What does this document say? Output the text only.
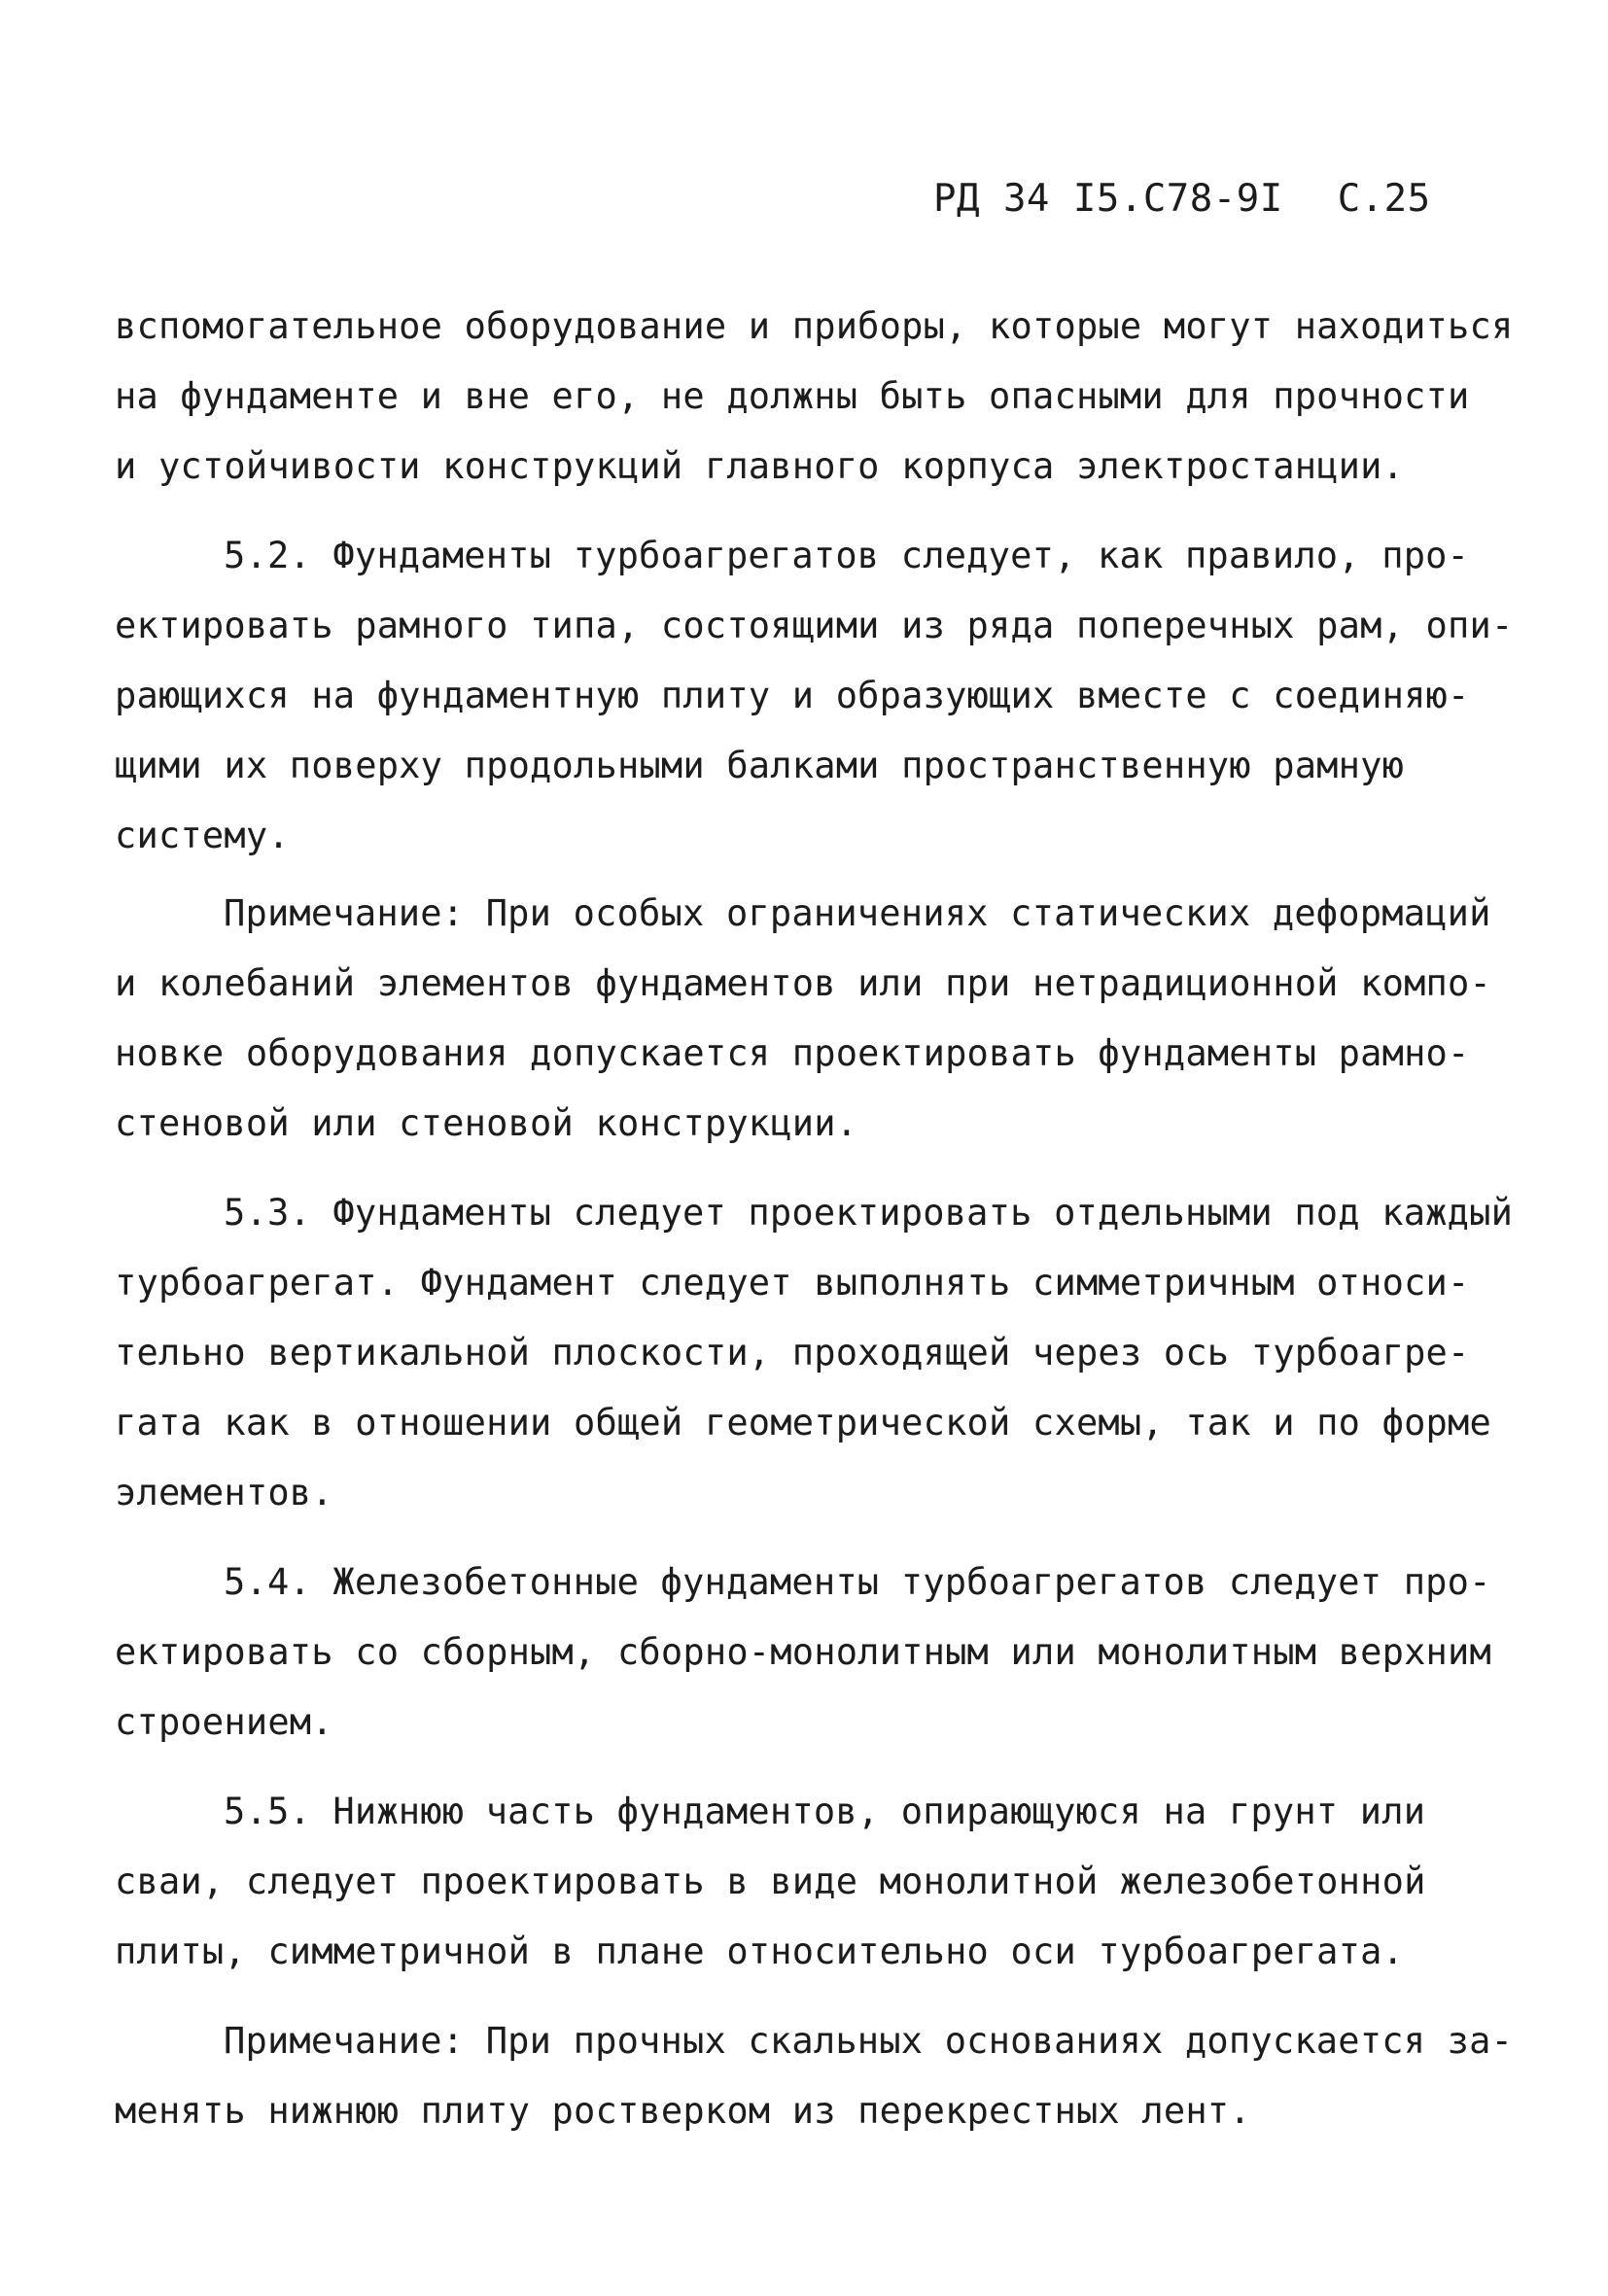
РД 34 I5.C78-9I С.25
вспомогательное оборудование и приборы, которые могут находиться
на фундаменте и вне его, не должны быть опасными для прочности
и устойчивости конструкций главного корпуса электростанции.
5.2. Фундаменты турбоагрегатов следует, как правило, про-
ектировать рамного типа, состоящими из ряда поперечных рам, опи-
рающихся на фундаментную плиту и образующих вместе с соединяю-
щими их поверху продольными балками пространственную рамную
систему.
Примечание: При особых ограничениях статических деформаций
и колебаний элементов фундаментов или при нетрадиционной компо-
новке оборудования допускается проектировать фундаменты рамно-
стеновой или стеновой конструкции.
5.3. Фундаменты следует проектировать отдельными под каждый
турбоагрегат. Фундамент следует выполнять симметричным относи-
тельно вертикальной плоскости, проходящей через ось турбоагре-
гата как в отношении общей геометрической схемы, так и по форме
элементов.
5.4. Железобетонные фундаменты турбоагрегатов следует про-
ектировать со сборным, сборно-монолитным или монолитным верхним
строением.
5.5. Нижнюю часть фундаментов, опирающуюся на грунт или
сваи, следует проектировать в виде монолитной железобетонной
плиты, симметричной в плане относительно оси турбоагрегата.
Примечание: При прочных скальных основаниях допускается за-
менять нижнюю плиту ростверком из перекрестных лент.
